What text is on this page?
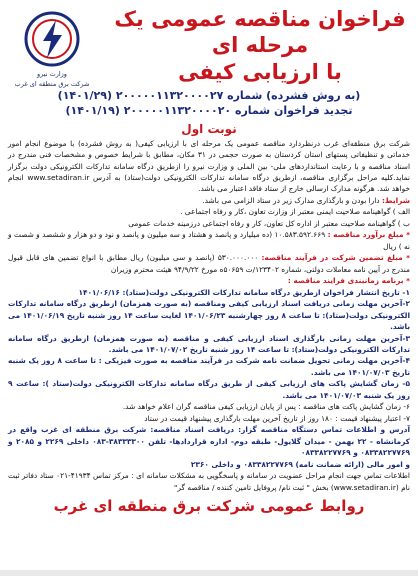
فراخوان مناقصه عمومی یک مرحله ای
با ارزیابی کیفی
وزارت نیرو
شرکت برق منطقه ای غرب
(به روش فشرده) شماره ۲۰۰۰۰۰۱۱۳۲۰۰۰۰۲۷ (۱۴۰۱/۲۹)
تجدید فراخوان شماره ۲۰۰۰۰۰۱۱۳۲۰۰۰۰۲۰ (۱۴۰۱/۱۹)
نوبت اول
شرکت برق منطقه‌ای غرب درنظردارد مناقصه عمومی یک مرحله ای با ارزیابی کیفی( به روش فشرده) با موضوع انجام امور خدماتی و تنظیفاتی پستهای استان کردستان به صورت حجمی در ۳۱ مکان، مطابق با شرایط خصوص و مشخصات فنی مندرج در اسناد مناقصه و با رعایت استانداردهای ملی- بین الملی و وزارت نیرو را ازطریق درگاه سامانه تدارکات الکترونیکی دولت برگزار نماید.کلیه مراحل برگزاری مناقصه، ازطریق درگاه سامانه تدارکات الکترونیکی دولت(ستاد) به آدرس www.setadiran.ir انجام خواهد شد. هرگونه مدارک ارسالی خارج از ستاد فاقد اعتبار می باشد.
شرایط: دارا بودن و بارگذاری مدارک زیر در ستاد الزامی می باشد.
الف ) گواهینامه صلاحیت ایمنی معتبر از وزارت تعاون ،کار و رفاه اجتماعی .
ب ) گواهینامه صلاحیت معتبر از اداره کل تعاون، کار و رفاه اجتماعی درزمینه خدمات عمومی
* مبلغ برآورد مناقصه : ۱۰.۵۸۳.۵۹۲.۶۶۹ (ده میلیارد و پانصد و هشتاد و سه میلیون و پانصد و نود و دو هزار و ششصد و شصت و نه ) ریال
* مبلغ تضمین شرکت در فرآیند مناقصه: ۵۳۰.۰۰۰.۰۰۰ (پانصد و سی میلیون) ریال مطابق با انواع تضمین های قابل قبول مندرج در آیین نامه معاملات دولتی، شماره ۱۲۳۴۰۲/ت ۵۰۶۵۹ه مورخ ۹۴/۹/۲۲ هیئت محترم وزیران
* برنامه زمانبندی فرایند مناقصه :
۱- تاریخ انتشار فراخوان ازطریق درگاه سامانه تدارکات الکترونیکی دولت(ستاد): ۱۴۰۱/۰۶/۱۶
۲-آخرین مهلت زمانی دریافت اسناد ارزیابی کیفی ومناقصه (به صورت همزمان) ازطریق درگاه سامانه تدارکات الکترونیکی دولت(ستاد): تا ساعت ۸ روز چهارشنبه ۱۴۰۱/۰۶/۲۳ لغایت ساعت ۱۴ روز شنبه تاریخ ۱۴۰۱/۰۶/۱۹ می باشد.
۳-آخرین مهلت زمانی بارگذاری اسناد ارزیابی کیفی و مناقصه (به صورت همزمان) ازطریق درگاه سامانه تدارکات الکترونیکی دولت(ستاد): تا ساعت ۱۴ روز شنبه تاریخ ۱۴۰۱/۰۷/۰۲ می باشد.
۴-آخرین مهلت زمانی تحویل ضمانت نامه شرکت در فرآیند مناقصه به صورت فیزیکی : تا ساعت ۸ روز یک شنبه تاریخ ۱۴۰۱/۰۷/۰۳ می باشد.
۵- زمان گشایش پاکت های ارزیابی کیفی از طریق درگاه سامانه تدارکات الکترونیکی دولت(ستاد ): ساعت ۹ روز یک شنبه ۱۴۰۱/۰۷/۰۳ می باشد.
۶- زمان گشایش پاکت های مناقصه : پس از پایان ارزیابی کیفی مناقصه گران اعلام خواهد شد.
۷- اعتبار پیشنهاد قیمت : ۱۸۰ روز از تاریخ آخرین مهلت بارگذاری پیشنهاد قیمت در ستاد
آدرس و اطلاعات تماس دستگاه مناقصه گزار: دریافت اسناد مناقصه: شرکت برق منطقه ای غرب واقع در کرمانشاه - ۲۲ بهمن - میدان گلایول- طبقه دوم- اداره قراردادها- تلفن ۳۸۳۳۳۳۰۰-۰۸۳ داخلی ۲۲۶۹ و ۲۰۸۵ و ۰۸۳۳۸۲۲۷۷۶۹ و ۰۸۳۳۸۲۲۷۷۶۹
و امور مالی (ارائه ضمانت نامه) ۰۸۳۳۸۲۲۷۷۶۹ و داخلی ۲۳۶۰
اطلاعات تماس جهت انجام مراحل عضویت در سامانه و پاسخگویی به مشکلات سامانه ای : مرکز تماس ۴۱۹۳۴-۰۲۱ ستاد دفاتر ثبت نام (www.setadiran.ir) بخش " ثبت نام/ پروفایل تامین کننده / مناقصه گر"
روابط عمومی شرکت برق منطقه ای غرب
